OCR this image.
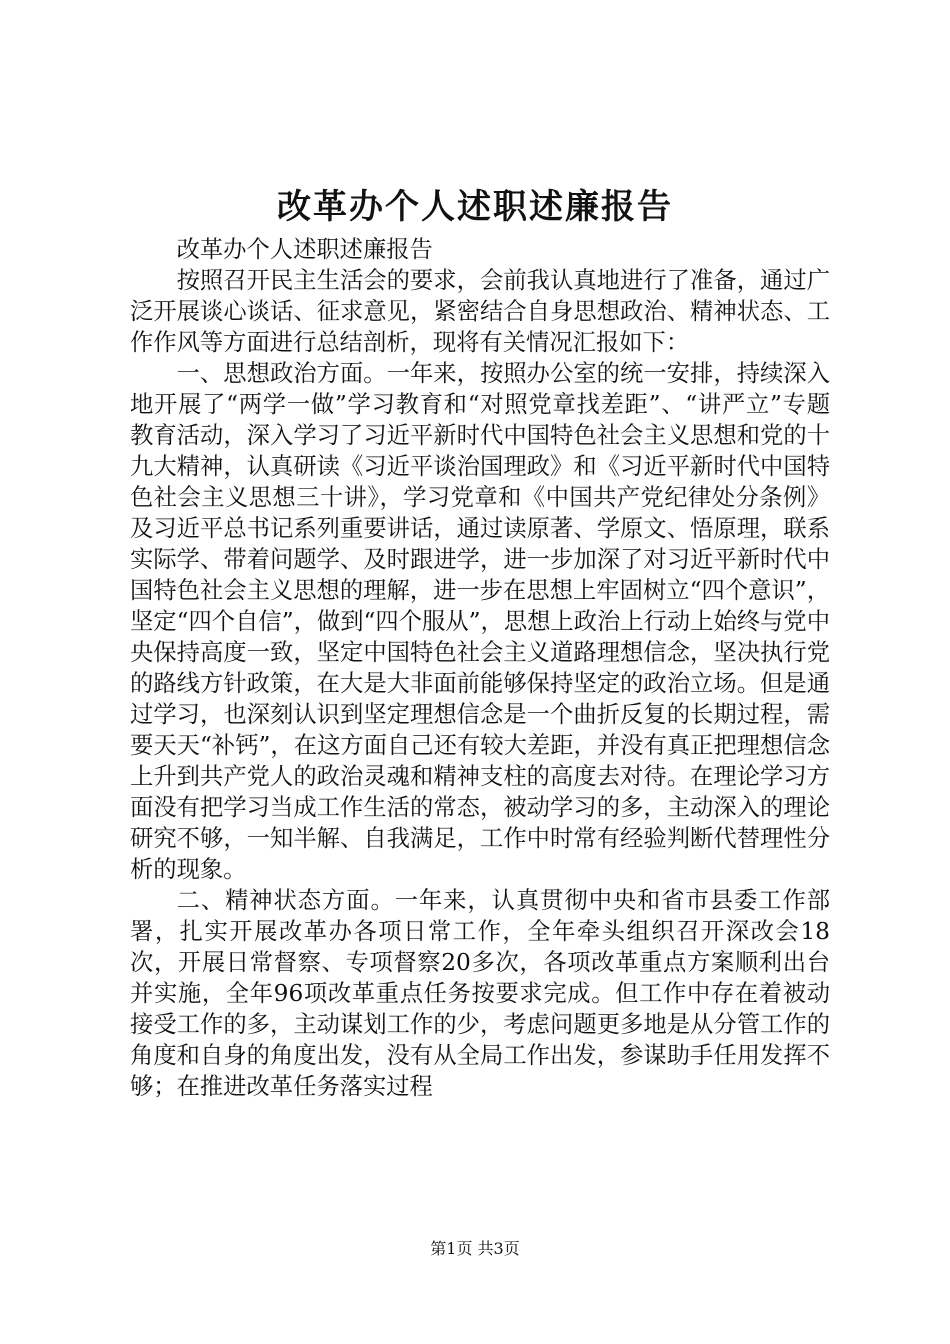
改革办个人述职述廉报告

改革办个人述职述廉报告

按照召开民主生活会的要求，会前我认真地进行了准备，通过广泛开展谈心谈话、征求意见，紧密结合自身思想政治、精神状态、工作作风等方面进行总结剖析，现将有关情况汇报如下：

一、思想政治方面。一年来，按照办公室的统一安排，持续深入地开展了“两学一做”学习教育和“对照党章找差距”、“讲严立”专题教育活动，深入学习了习近平新时代中国特色社会主义思想和党的十九大精神，认真研读《习近平谈治国理政》和《习近平新时代中国特色社会主义思想三十讲》，学习党章和《中国共产党纪律处分条例》及习近平总书记系列重要讲话，通过读原著、学原文、悟原理，联系实际学、带着问题学、及时跟进学，进一步加深了对习近平新时代中国特色社会主义思想的理解，进一步在思想上牢固树立“四个意识”，坚定“四个自信”，做到“四个服从”，思想上政治上行动上始终与党中央保持高度一致，坚定中国特色社会主义道路理想信念，坚决执行党的路线方针政策，在大是大非面前能够保持坚定的政治立场。但是通过学习，也深刻认识到坚定理想信念是一个曲折反复的长期过程，需要天天“补钙”，在这方面自己还有较大差距，并没有真正把理想信念上升到共产党人的政治灵魂和精神支柱的高度去对待。在理论学习方面没有把学习当成工作生活的常态，被动学习的多，主动深入的理论研究不够，一知半解、自我满足，工作中时常有经验判断代替理性分析的现象。

二、精神状态方面。一年来，认真贯彻中央和省市县委工作部署，扎实开展改革办各项日常工作，全年牵头组织召开深改会18次，开展日常督察、专项督察20多次，各项改革重点方案顺利出台并实施，全年96项改革重点任务按要求完成。但工作中存在着被动接受工作的多，主动谋划工作的少，考虑问题更多地是从分管工作的角度和自身的角度出发，没有从全局工作出发，参谋助手任用发挥不够；在推进改革任务落实过程

第1页 共3页
